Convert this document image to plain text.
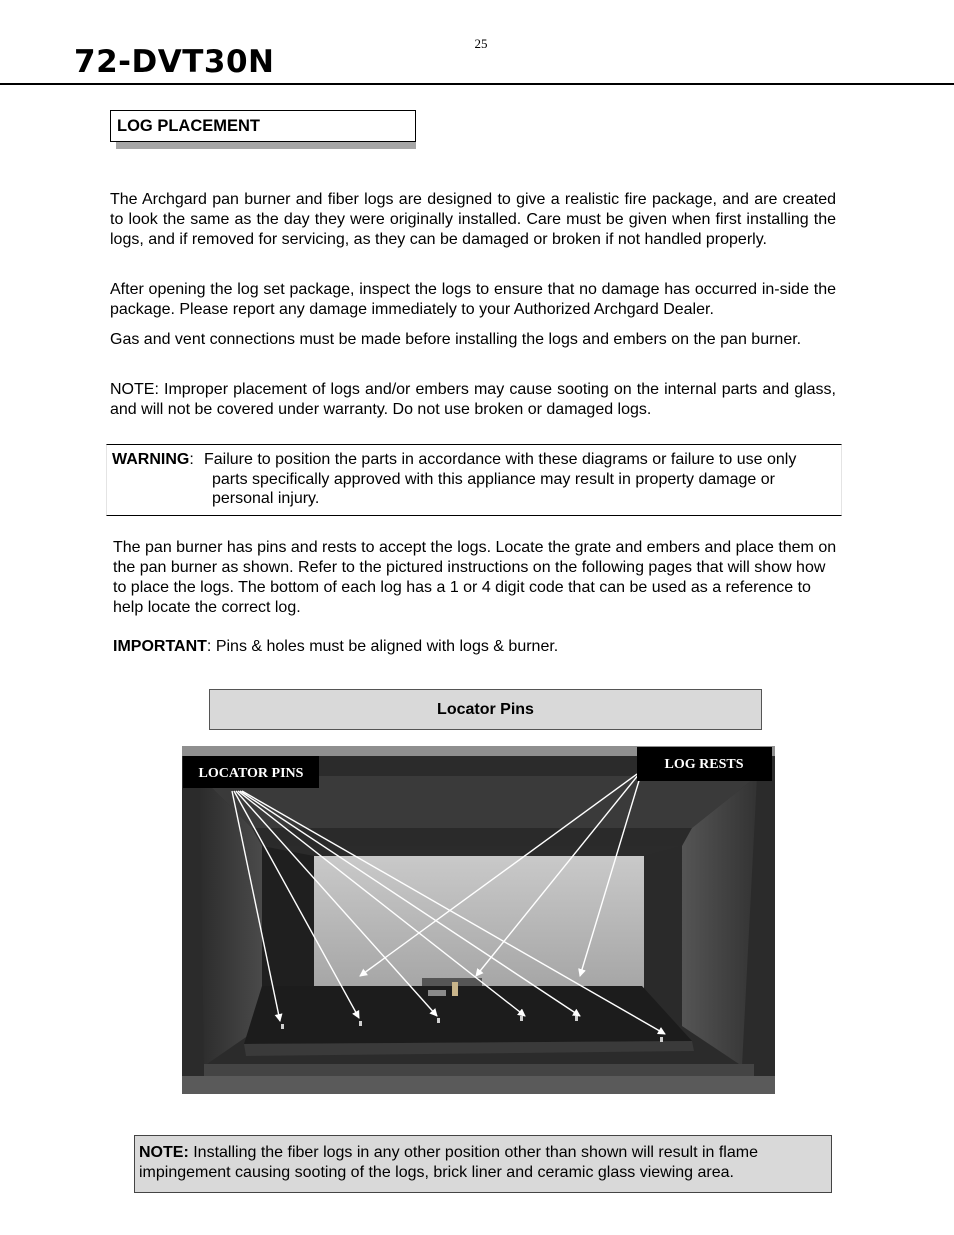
25
72-DVT30N
LOG PLACEMENT

The Archgard pan burner and fiber logs are designed to give a realistic fire package, and are created to look the same as the day they were originally installed. Care must be given when first installing the logs, and if removed for servicing, as they can be damaged or broken if not handled properly.

After opening the log set package, inspect the logs to ensure that no damage has occurred in-side the package. Please report any damage immediately to your Authorized Archgard Dealer.

Gas and vent connections must be made before installing the logs and embers on the pan burner.

NOTE: Improper placement of logs and/or embers may cause sooting on the internal parts and glass, and will not be covered under warranty. Do not use broken or damaged logs.

WARNING: Failure to position the parts in accordance with these diagrams or failure to use only parts specifically approved with this appliance may result in property damage or personal injury.

The pan burner has pins and rests to accept the logs. Locate the grate and embers and place them on the pan burner as shown. Refer to the pictured instructions on the following pages that will show how to place the logs. The bottom of each log has a 1 or 4 digit code that can be used as a reference to help locate the correct log.

IMPORTANT: Pins & holes must be aligned with logs & burner.

Locator Pins
LOCATOR PINS
LOG RESTS
NOTE: Installing the fiber logs in any other position other than shown will result in flame impingement causing sooting of the logs, brick liner and ceramic glass viewing area.
